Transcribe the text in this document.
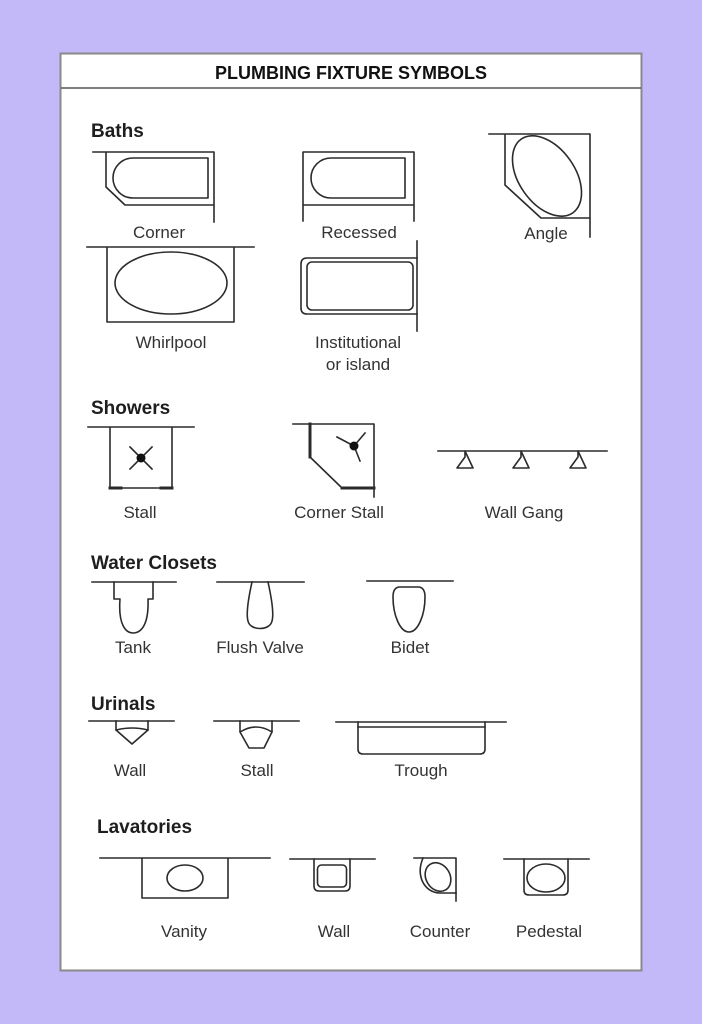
PLUMBING FIXTURE SYMBOLS
Baths
Corner	Recessed	Angle
Whirlpool	Institutional
or island
Showers
Stall	Corner Stall	Wall Gang
Water Closets
Tank	Flush Valve	Bidet
Urinals
Wall	Stall	Trough
Lavatories
Vanity	Wall	Counter	Pedestal
